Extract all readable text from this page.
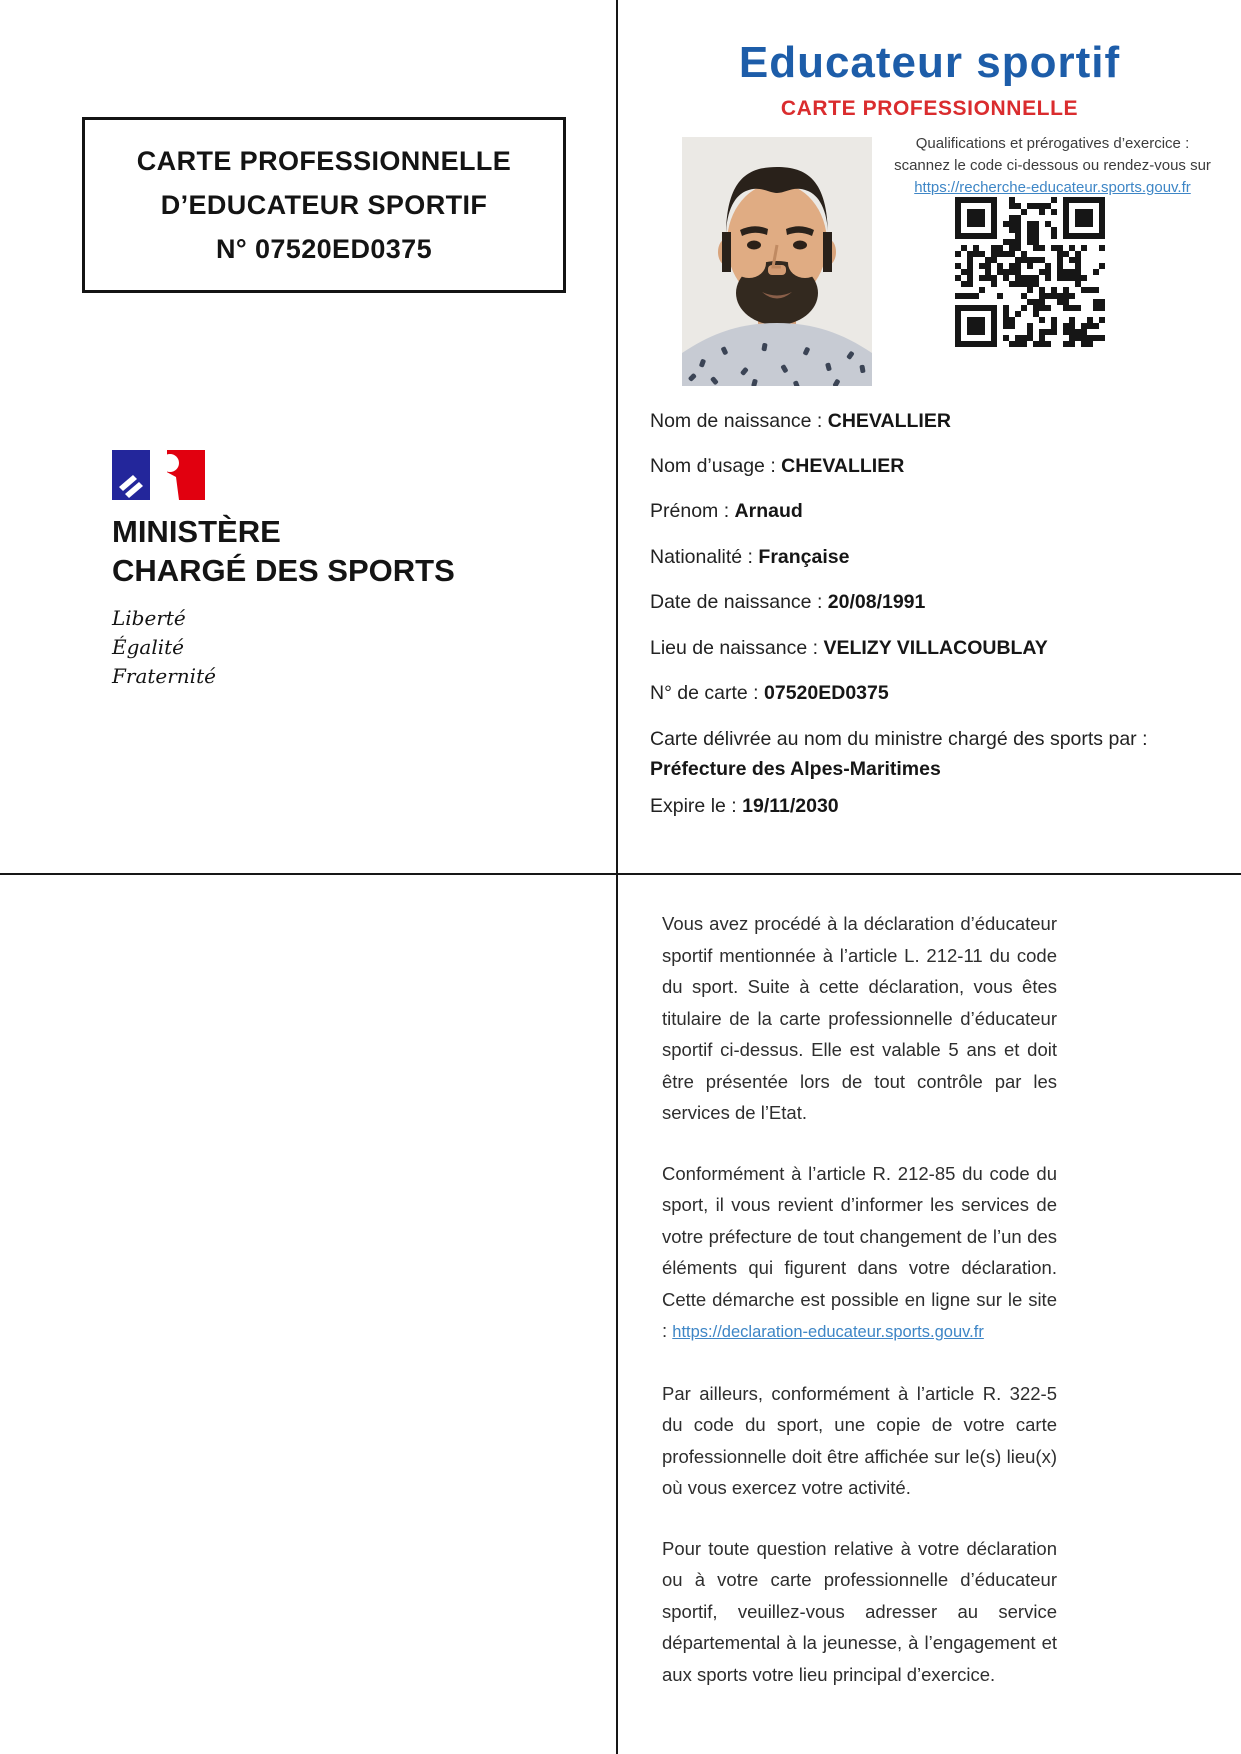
CARTE PROFESSIONNELLE
D’EDUCATEUR SPORTIF
N° 07520ED0375
MINISTÈRE
CHARGÉ DES SPORTS
Liberté
Égalité
Fraternité
Educateur sportif
CARTE PROFESSIONNELLE
Qualifications et prérogatives d’exercice :
scannez le code ci-dessous ou rendez-vous sur
https://recherche-educateur.sports.gouv.fr
Nom de naissance : CHEVALLIER
Nom d’usage : CHEVALLIER
Prénom : Arnaud
Nationalité : Française
Date de naissance : 20/08/1991
Lieu de naissance : VELIZY VILLACOUBLAY
N° de carte : 07520ED0375
Carte délivrée au nom du ministre chargé des sports par :
Préfecture des Alpes-Maritimes
Expire le : 19/11/2030

Vous avez procédé à la déclaration d’éducateur sportif mentionnée à l’article L. 212-11 du code du sport. Suite à cette déclaration, vous êtes titulaire de la carte professionnelle d’éducateur sportif ci-dessus. Elle est valable 5 ans et doit être présentée lors de tout contrôle par les services de l’Etat.

Conformément à l’article R. 212-85 du code du sport, il vous revient d’informer les services de votre préfecture de tout changement de l’un des éléments qui figurent dans votre déclaration. Cette démarche est possible en ligne sur le site : https://declaration-educateur.sports.gouv.fr

Par ailleurs, conformément à l’article R. 322-5 du code du sport, une copie de votre carte professionnelle doit être affichée sur le(s) lieu(x) où vous exercez votre activité.

Pour toute question relative à votre déclaration ou à votre carte professionnelle d’éducateur sportif, veuillez-vous adresser au service départemental à la jeunesse, à l’engagement et aux sports votre lieu principal d’exercice.
